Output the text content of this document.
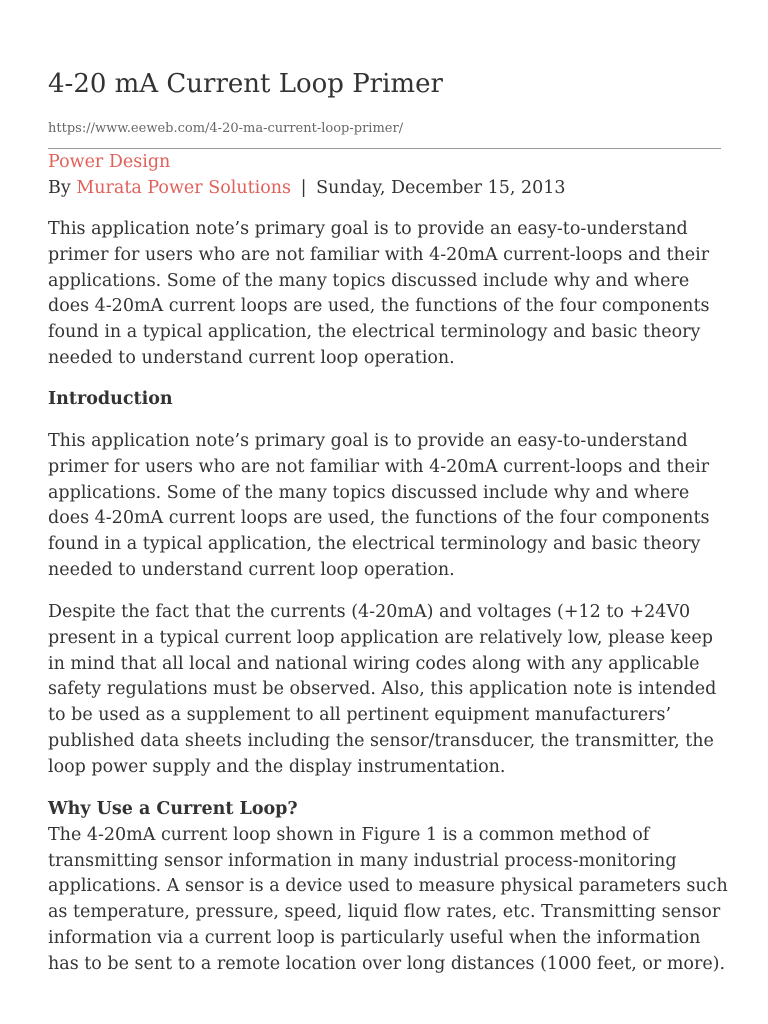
4-20 mA Current Loop Primer
https://www.eeweb.com/4-20-ma-current-loop-primer/
Power Design
By Murata Power Solutions | Sunday, December 15, 2013

This application note’s primary goal is to provide an easy-to-understand
primer for users who are not familiar with 4-20mA current-loops and their
applications. Some of the many topics discussed include why and where
does 4-20mA current loops are used, the functions of the four components
found in a typical application, the electrical terminology and basic theory
needed to understand current loop operation.

Introduction

This application note’s primary goal is to provide an easy-to-understand
primer for users who are not familiar with 4-20mA current-loops and their
applications. Some of the many topics discussed include why and where
does 4-20mA current loops are used, the functions of the four components
found in a typical application, the electrical terminology and basic theory
needed to understand current loop operation.

Despite the fact that the currents (4-20mA) and voltages (+12 to +24V0
present in a typical current loop application are relatively low, please keep
in mind that all local and national wiring codes along with any applicable
safety regulations must be observed. Also, this application note is intended
to be used as a supplement to all pertinent equipment manufacturers’
published data sheets including the sensor/transducer, the transmitter, the
loop power supply and the display instrumentation.

Why Use a Current Loop?
The 4-20mA current loop shown in Figure 1 is a common method of
transmitting sensor information in many industrial process-monitoring
applications. A sensor is a device used to measure physical parameters such
as temperature, pressure, speed, liquid flow rates, etc. Transmitting sensor
information via a current loop is particularly useful when the information
has to be sent to a remote location over long distances (1000 feet, or more).
